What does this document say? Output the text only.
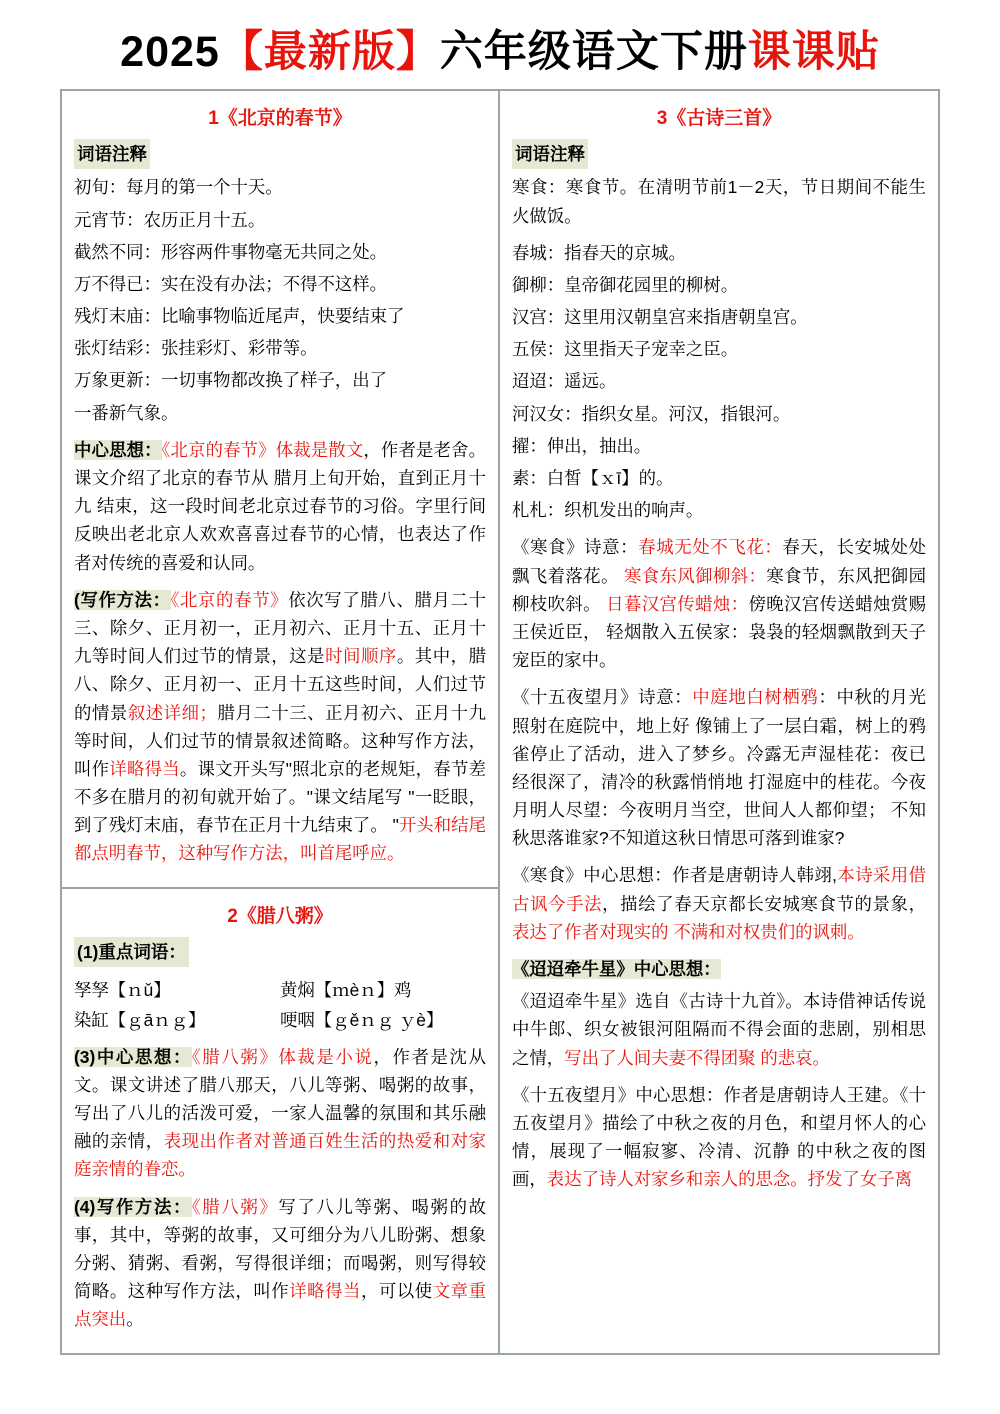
2025【最新版】六年级语文下册课课贴
1《北京的春节》
词语注释
初旬：每月的第一个十天。
元宵节：农历正月十五。
截然不同：形容两件事物毫无共同之处。
万不得已：实在没有办法；不得不这样。
残灯末庙：比喻事物临近尾声，快要结束了
张灯结彩：张挂彩灯、彩带等。
万象更新：一切事物都改换了样子，出了
一番新气象。
中心思想：《北京的春节》体裁是散文，作者是老舍。课文介绍了北京的春节从 腊月上旬开始，直到正月十九 结束，这一段时间老北京过春节的习俗。字里行间反映出老北京人欢欢喜喜过春节的心情，也表达了作者对传统的喜爱和认同。
(写作方法：《北京的春节》依次写了腊八、腊月二十三、除夕、正月初一，正月初六、正月十五、正月十九等时间人们过节的情景，这是时间顺序。其中，腊八、除夕、正月初一、正月十五这些时间，人们过节的情景叙述详细；腊月二十三、正月初六、正月十九等时间，人们过节的情景叙述简略。这种写作方法，叫作详略得当。课文开头写"照北京的老规矩，春节差不多在腊月的初旬就开始了。"课文结尾写 "一眨眼，到了残灯末庙，春节在正月十九结束了。 "开头和结尾都点明春节，这种写作方法，叫首尾呼应。
2《腊八粥》
(1)重点词语：
孥孥【ｎǔ】	黄焖【ｍèｎ】鸡
染缸【ｇāｎｇ】	哽咽【ｇěｎｇ ｙè】
(3)中心思想：《腊八粥》体裁是小说，作者是沈从文。课文讲述了腊八那天，八儿等粥、喝粥的故事，写出了八儿的活泼可爱，一家人温馨的氛围和其乐融融的亲情，表现出作者对普通百姓生活的热爱和对家庭亲情的眷恋。
(4)写作方法：《腊八粥》写了八儿等粥、喝粥的故事，其中，等粥的故事，又可细分为八儿盼粥、想象分粥、猜粥、看粥，写得很详细；而喝粥，则写得较简略。这种写作方法，叫作详略得当，可以使文章重点突出。
3《古诗三首》
词语注释
寒食：寒食节。在清明节前1－2天，节日期间不能生火做饭。
春城：指春天的京城。
御柳：皇帝御花园里的柳树。
汉宫：这里用汉朝皇宫来指唐朝皇宫。
五侯：这里指天子宠幸之臣。
迢迢：遥远。
河汉女：指织女星。河汉，指银河。
擢：伸出，抽出。
素：白皙【ｘī】的。
札札：织机发出的响声。
《寒食》诗意：春城无处不飞花：春天，长安城处处飘飞着落花。 寒食东风御柳斜：寒食节，东风把御园柳枝吹斜。 日暮汉宫传蜡烛：傍晚汉宫传送蜡烛赏赐王侯近臣， 轻烟散入五侯家：袅袅的轻烟飘散到天子宠臣的家中。
《十五夜望月》诗意：中庭地白树栖鸦：中秋的月光照射在庭院中，地上好 像铺上了一层白霜，树上的鸦雀停止了活动，进入了梦乡。冷露无声湿桂花：夜已经很深了，清冷的秋露悄悄地 打湿庭中的桂花。今夜月明人尽望：今夜明月当空，世间人人都仰望； 不知秋思落谁家?不知道这秋日情思可落到谁家?
《寒食》中心思想：作者是唐朝诗人韩翊,本诗采用借古讽今手法，描绘了春天京都长安城寒食节的景象，表达了作者对现实的 不满和对权贵们的讽刺。
《迢迢牵牛星》中心思想：
《迢迢牵牛星》选自《古诗十九首》。本诗借神话传说中牛郎、织女被银河阻隔而不得会面的悲剧，别相思 之情，写出了人间夫妻不得团聚 的悲哀。
《十五夜望月》中心思想：作者是唐朝诗人王建。《十五夜望月》描绘了中秋之夜的月色，和望月怀人的心情，展现了一幅寂寥、冷清、沉静 的中秋之夜的图画，表达了诗人对家乡和亲人的思念。抒发了女子离
